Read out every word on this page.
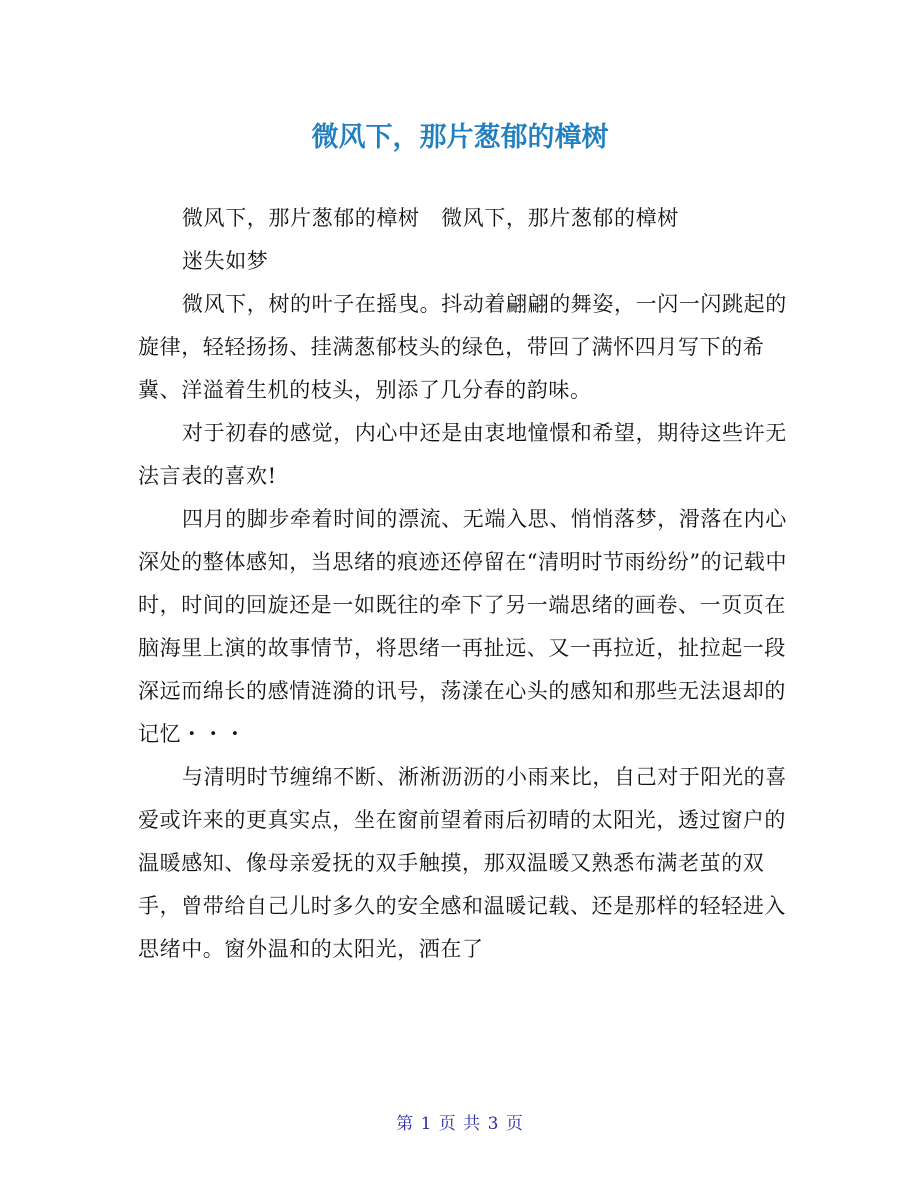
微风下，那片葱郁的樟树

微风下，那片葱郁的樟树　微风下，那片葱郁的樟树

迷失如梦

微风下，树的叶子在摇曳。抖动着翩翩的舞姿，一闪一闪跳起的旋律，轻轻扬扬、挂满葱郁枝头的绿色，带回了满怀四月写下的希冀、洋溢着生机的枝头，别添了几分春的韵味。

对于初春的感觉，内心中还是由衷地憧憬和希望，期待这些许无法言表的喜欢!

四月的脚步牵着时间的漂流、无端入思、悄悄落梦，滑落在内心深处的整体感知，当思绪的痕迹还停留在“清明时节雨纷纷”的记载中时，时间的回旋还是一如既往的牵下了另一端思绪的画卷、一页页在脑海里上演的故事情节，将思绪一再扯远、又一再拉近，扯拉起一段深远而绵长的感情涟漪的讯号，荡漾在心头的感知和那些无法退却的记忆・・・

与清明时节缠绵不断、淅淅沥沥的小雨来比，自己对于阳光的喜爱或许来的更真实点，坐在窗前望着雨后初晴的太阳光，透过窗户的温暖感知、像母亲爱抚的双手触摸，那双温暖又熟悉布满老茧的双手，曾带给自己儿时多久的安全感和温暖记载、还是那样的轻轻进入思绪中。窗外温和的太阳光，洒在了

第 1 页 共 3 页
